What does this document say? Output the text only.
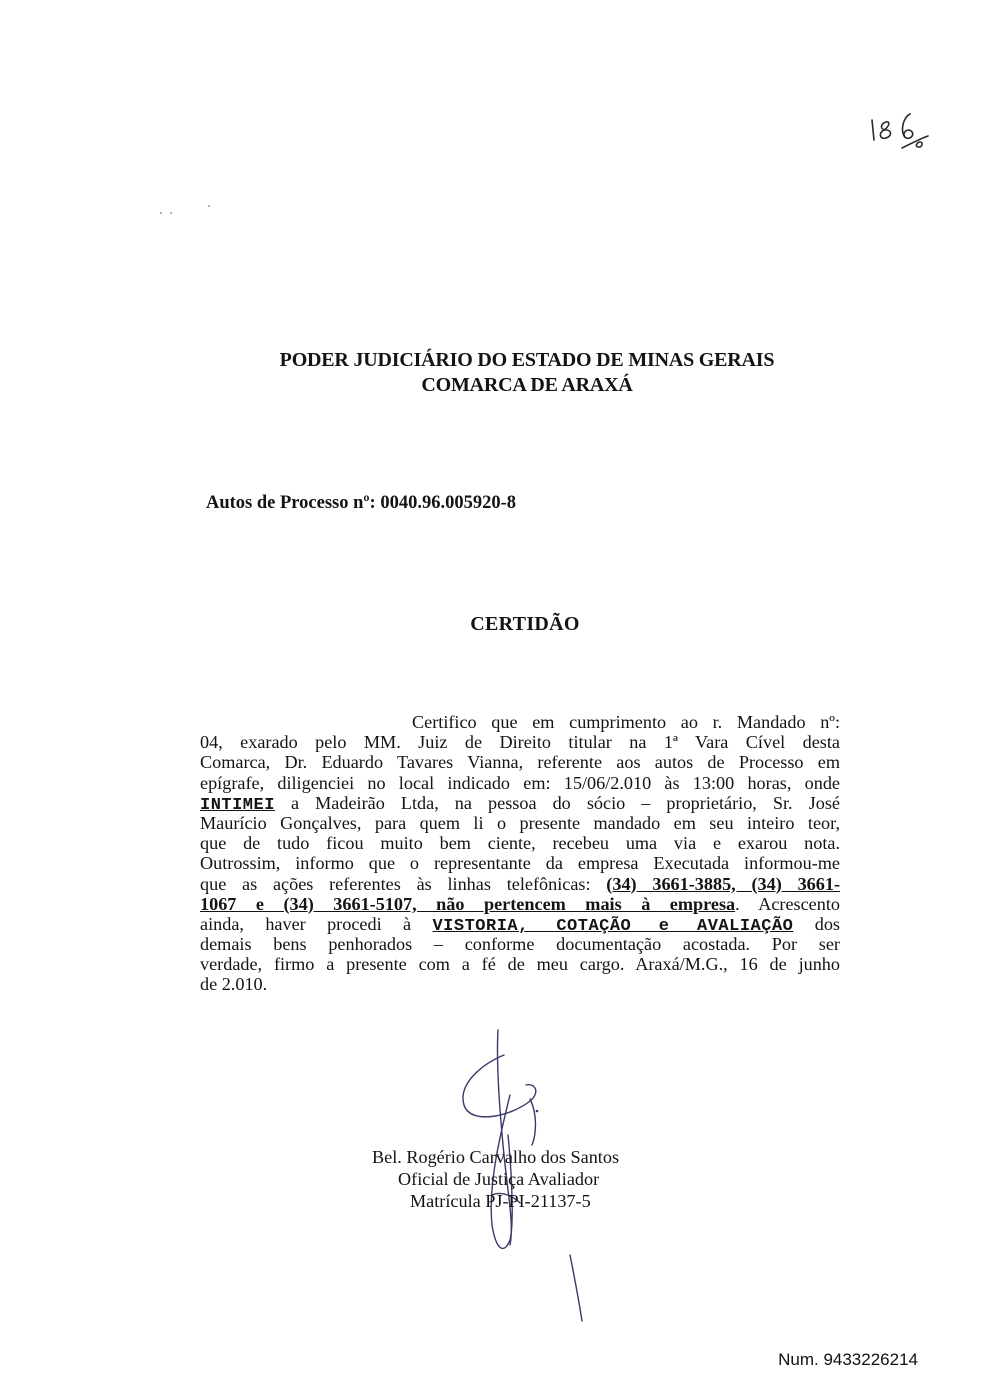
PODER JUDICIÁRIO DO ESTADO DE MINAS GERAIS
COMARCA DE ARAXÁ
Autos de Processo nº: 0040.96.005920-8
CERTIDÃO
Certifico que em cumprimento ao r. Mandado nº:
04, exarado pelo MM. Juiz de Direito titular na 1ª Vara Cível desta
Comarca, Dr. Eduardo Tavares Vianna, referente aos autos de Processo em
epígrafe, diligenciei no local indicado em: 15/06/2.010 às 13:00 horas, onde
INTIMEI a Madeirão Ltda, na pessoa do sócio – proprietário, Sr. José
Maurício Gonçalves, para quem li o presente mandado em seu inteiro teor,
que de tudo ficou muito bem ciente, recebeu uma via e exarou nota.
Outrossim, informo que o representante da empresa Executada informou-me
que as ações referentes às linhas telefônicas: (34) 3661-3885, (34) 3661-
1067 e (34) 3661-5107, não pertencem mais à empresa. Acrescento
ainda, haver procedi à VISTORIA, COTAÇÃO e AVALIAÇÃO dos
demais bens penhorados – conforme documentação acostada. Por ser
verdade, firmo a presente com a fé de meu cargo. Araxá/M.G., 16 de junho
de 2.010.
Bel. Rogério Carvalho dos Santos
Oficial de Justiça Avaliador
Matrícula PJ-PI-21137-5
Num. 9433226214
